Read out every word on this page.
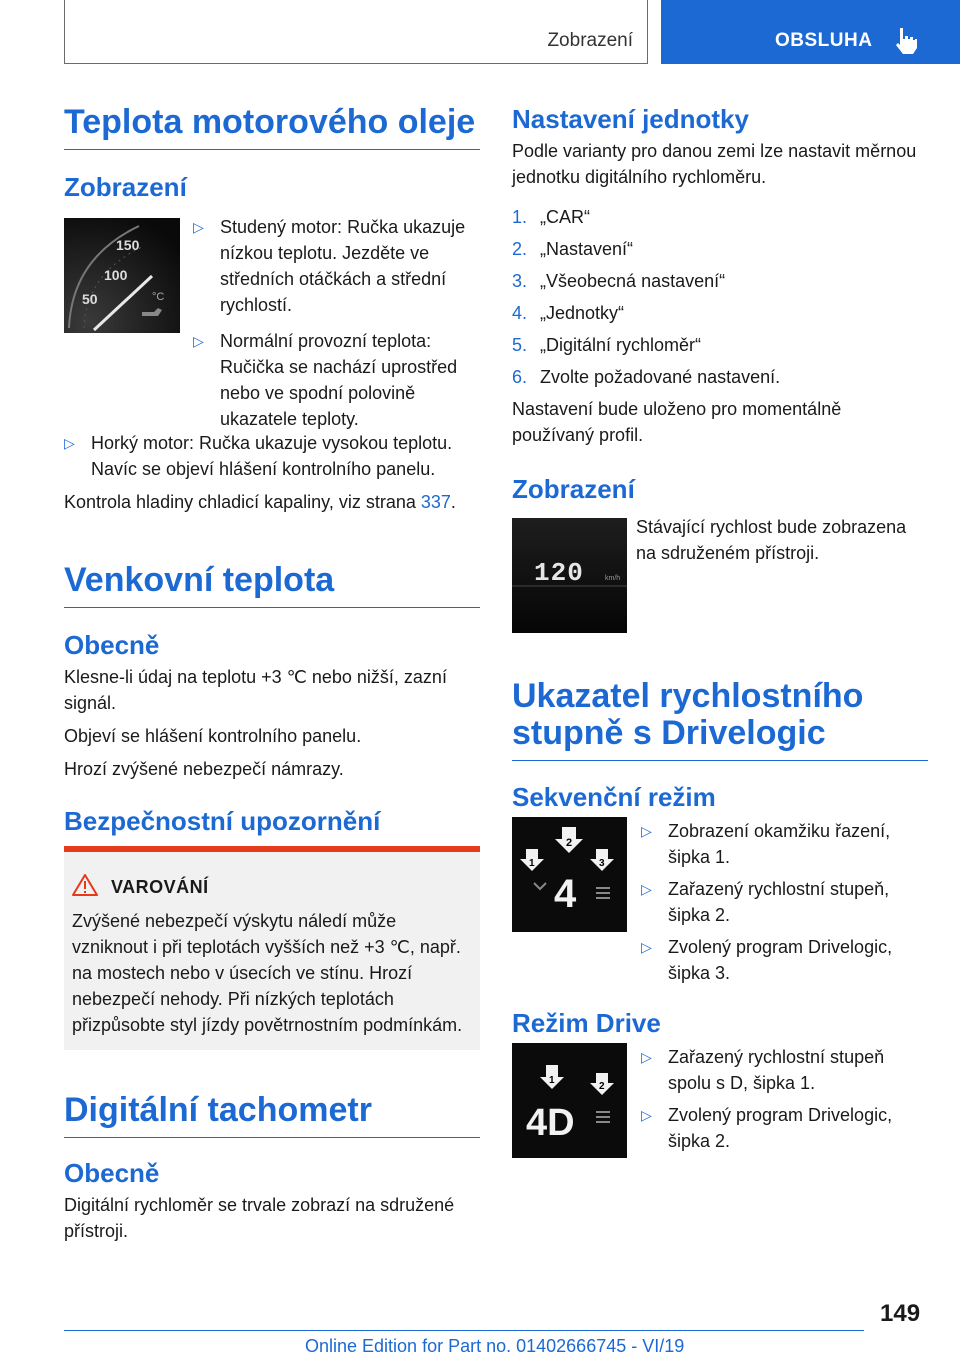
Zobrazení	OBSLUHA
Teplota motorového oleje
Zobrazení
150
100
50	°C
▷ Studený motor: Ručka ukazuje nízkou teplotu. Jezděte ve středních otáčkách a střední rychlostí.
▷ Normální provozní teplota: Ručička se nachází uprostřed nebo ve spodní polovině ukazatele teploty.
▷ Horký motor: Ručka ukazuje vysokou teplotu. Navíc se objeví hlášení kontrolního panelu.

Kontrola hladiny chladicí kapaliny, viz strana 337.

Venkovní teplota
Obecně

Klesne-li údaj na teplotu +3 ℃ nebo nižší, zazní signál.

Objeví se hlášení kontrolního panelu.

Hrozí zvýšené nebezpečí námrazy.

Bezpečnostní upozornění
VAROVÁNÍ
Zvýšené nebezpečí výskytu náledí může vzniknout i při teplotách vyšších než +3 ℃, např. na mostech nebo v úsecích ve stínu. Hrozí nebezpečí nehody. Při nízkých teplotách přizpůsobte styl jízdy povětrnostním podmínkám.
Digitální tachometr
Obecně

Digitální rychloměr se trvale zobrazí na sdružené přístroji.

Nastavení jednotky

Podle varianty pro danou zemi lze nastavit měrnou jednotku digitálního rychloměru.

1. „CAR“
2. „Nastavení“
3. „Všeobecná nastavení“
4. „Jednotky“
5. „Digitální rychloměr“
6. Zvolte požadované nastavení.

Nastavení bude uloženo pro momentálně používaný profil.

Zobrazení
120	km/h

Stávající rychlost bude zobrazena na sdruženém přístroji.

Ukazatel rychlostního stupně s Drivelogic
Sekvenční režim
1
2
3
4
▷ Zobrazení okamžiku řazení, šipka 1.
▷ Zařazený rychlostní stupeň, šipka 2.
▷ Zvolený program Drivelogic, šipka 3.
Režim Drive
1
2
4D
▷ Zařazený rychlostní stupeň spolu s D, šipka 1.
▷ Zvolený program Drivelogic, šipka 2.
149
Online Edition for Part no. 01402666745 - VI/19
